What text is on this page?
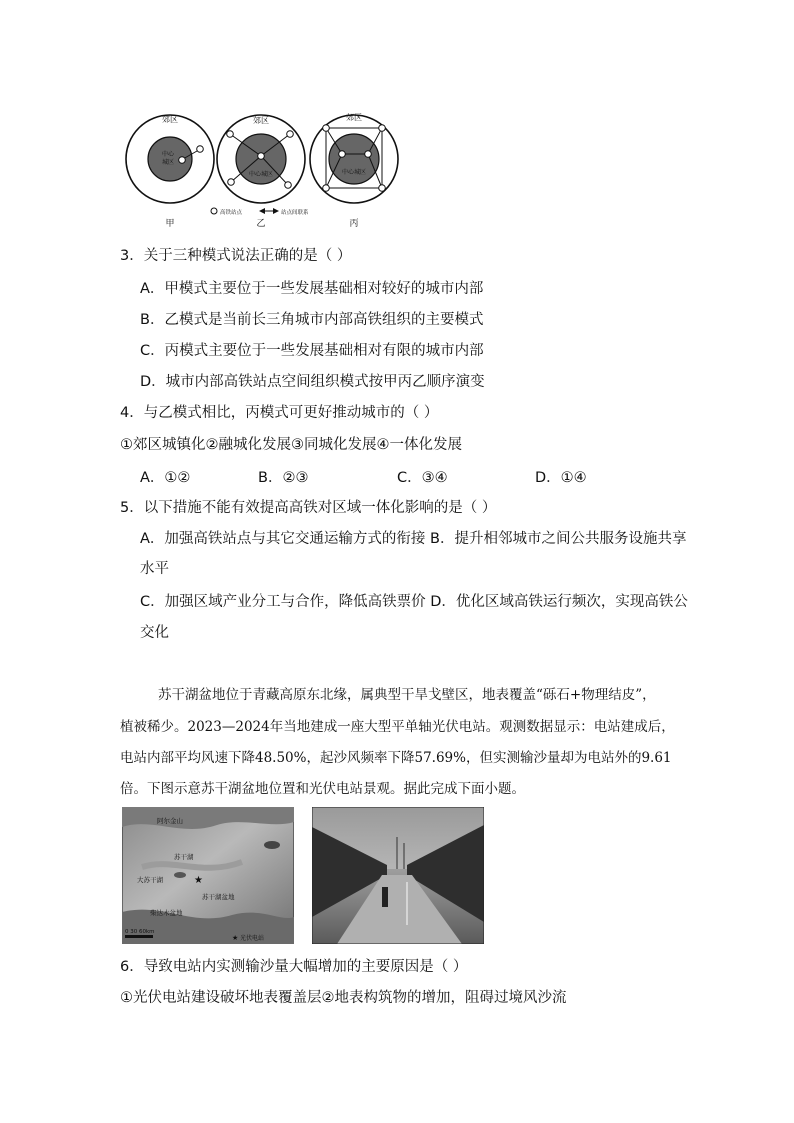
郊区
中心
城区
郊区
中心城区
郊区
中心城区
甲	乙	丙
高铁站点	站点间联系
3．关于三种模式说法正确的是（ ）
A．甲模式主要位于一些发展基础相对较好的城市内部
B．乙模式是当前长三角城市内部高铁组织的主要模式
C．丙模式主要位于一些发展基础相对有限的城市内部
D．城市内部高铁站点空间组织模式按甲丙乙顺序演变
4．与乙模式相比，丙模式可更好推动城市的（ ）
①郊区城镇化②融城化发展③同城化发展④一体化发展
A．①②	B．②③	C．③④	D．①④
5．以下措施不能有效提高高铁对区域一体化影响的是（ ）
A．加强高铁站点与其它交通运输方式的衔接 B．提升相邻城市之间公共服务设施共享
水平
C．加强区域产业分工与合作，降低高铁票价 D．优化区域高铁运行频次，实现高铁公
交化
苏干湖盆地位于青藏高原东北缘，属典型干旱戈壁区，地表覆盖“砾石+物理结皮”，
植被稀少。2023—2024年当地建成一座大型平单轴光伏电站。观测数据显示：电站建成后，
电站内部平均风速下降48.50%，起沙风频率下降57.69%，但实测输沙量却为电站外的9.61
倍。下图示意苏干湖盆地位置和光伏电站景观。据此完成下面小题。
阿尔金山
苏干湖
大苏干湖
苏干湖盆地
柴达木盆地
★
★ 光伏电站
0 30 60km
6．导致电站内实测输沙量大幅增加的主要原因是（ ）
①光伏电站建设破坏地表覆盖层②地表构筑物的增加，阻碍过境风沙流
